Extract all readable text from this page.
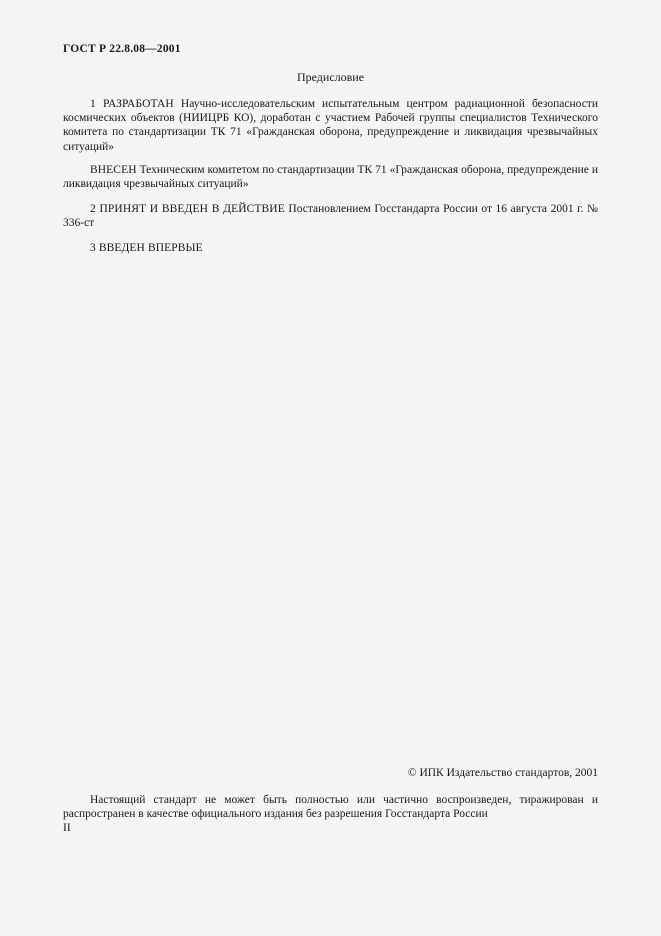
ГОСТ Р 22.8.08—2001
Предисловие
1 РАЗРАБОТАН Научно-исследовательским испытательным центром радиационной безопасности космических объектов (НИИЦРБ КО), доработан с участием Рабочей группы специалистов Технического комитета по стандартизации ТК 71 «Гражданская оборона, предупреждение и ликвидация чрезвычайных ситуаций»
ВНЕСЕН Техническим комитетом по стандартизации ТК 71 «Гражданская оборона, предупреждение и ликвидация чрезвычайных ситуаций»
2 ПРИНЯТ И ВВЕДЕН В ДЕЙСТВИЕ Постановлением Госстандарта России от 16 августа 2001 г. № 336-ст
3 ВВЕДЕН ВПЕРВЫЕ
© ИПК Издательство стандартов, 2001
Настоящий стандарт не может быть полностью или частично воспроизведен, тиражирован и распространен в качестве официального издания без разрешения Госстандарта России
II
